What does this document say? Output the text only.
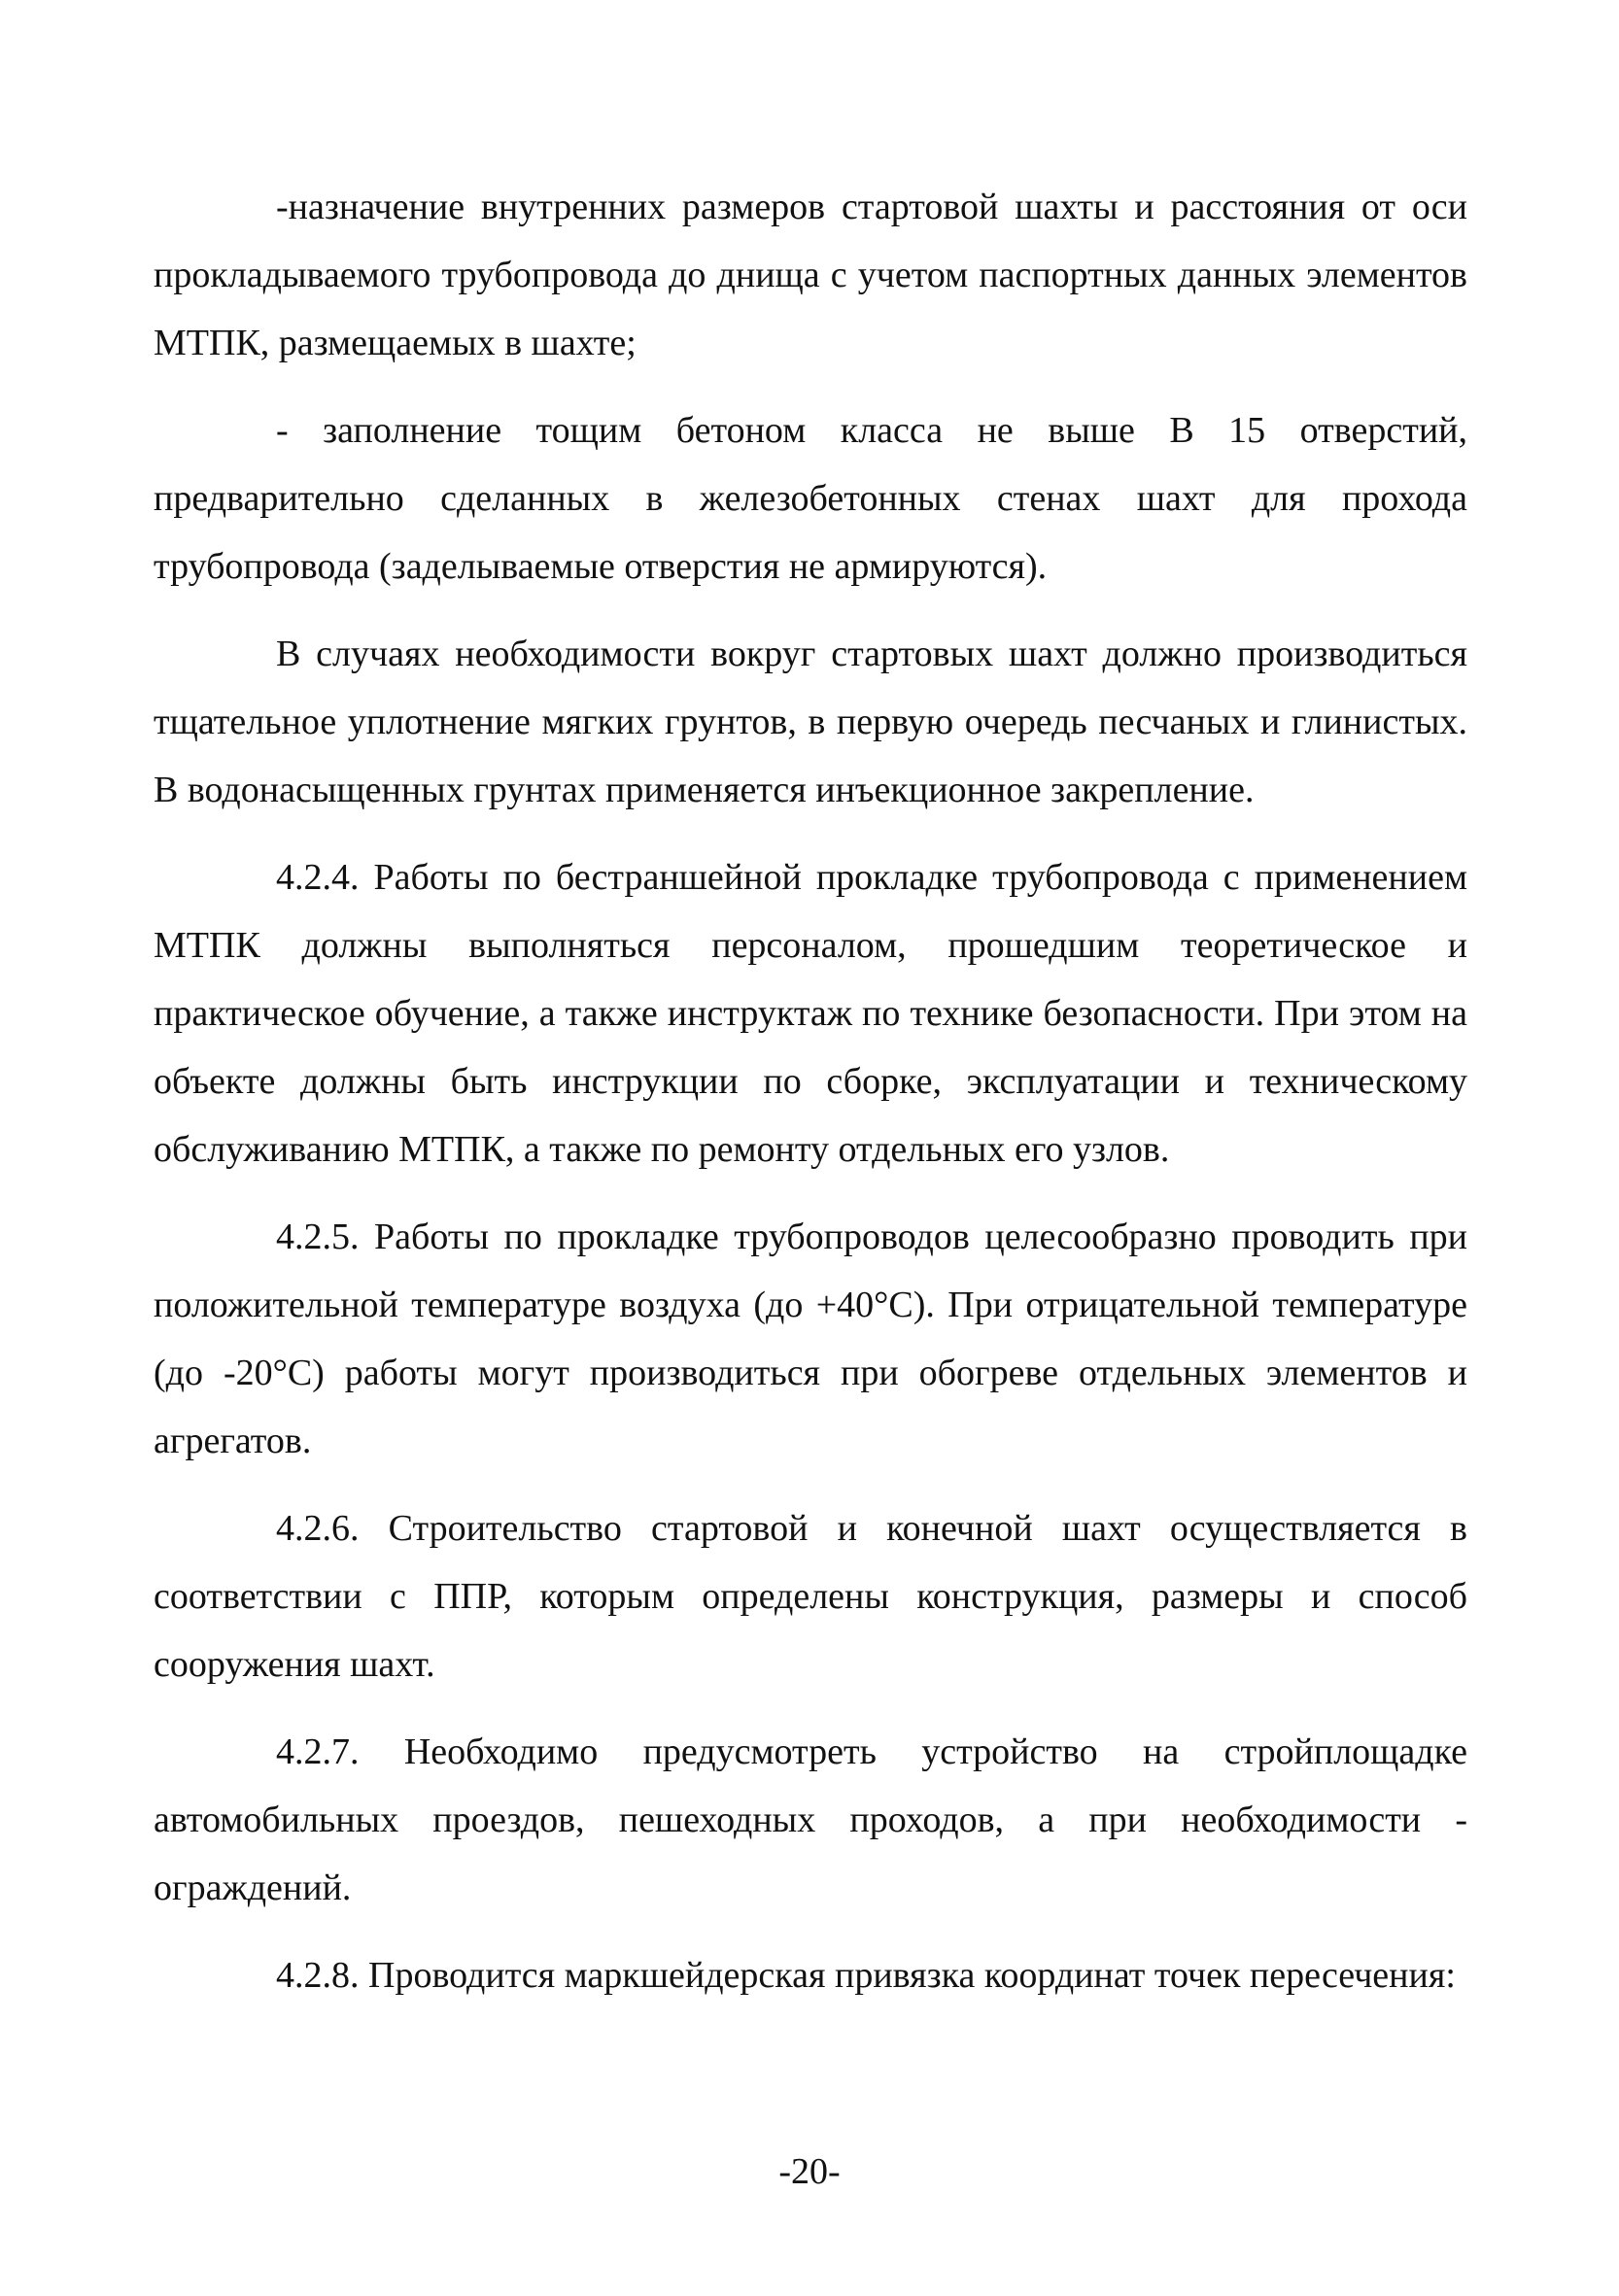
-назначение внутренних размеров стартовой шахты и расстояния от оси прокладываемого трубопровода до днища с учетом паспортных данных элементов МТПК, размещаемых в шахте;

- заполнение тощим бетоном класса не выше В 15 отверстий, предварительно сделанных в железобетонных стенах шахт для прохода трубопровода (заделываемые отверстия не армируются).

В случаях необходимости вокруг стартовых шахт должно производиться тщательное уплотнение мягких грунтов, в первую очередь песчаных и глинистых. В водонасыщенных грунтах применяется инъекционное закрепление.

4.2.4. Работы по бестраншейной прокладке трубопровода с применением МТПК должны выполняться персоналом, прошедшим теоретическое и практическое обучение, а также инструктаж по технике безопасности. При этом на объекте должны быть инструкции по сборке, эксплуатации и техническому обслуживанию МТПК, а также по ремонту отдельных его узлов.

4.2.5. Работы по прокладке трубопроводов целесообразно проводить при положительной температуре воздуха (до +40°С). При отрицательной температуре (до -20°С) работы могут производиться при обогреве отдельных элементов и агрегатов.

4.2.6. Строительство стартовой и конечной шахт осуществляется в соответствии с ППР, которым определены конструкция, размеры и способ сооружения шахт.

4.2.7. Необходимо предусмотреть устройство на стройплощадке автомобильных проездов, пешеходных проходов, а при необходимости - ограждений.

4.2.8. Проводится маркшейдерская привязка координат точек пересечения:

-20-
